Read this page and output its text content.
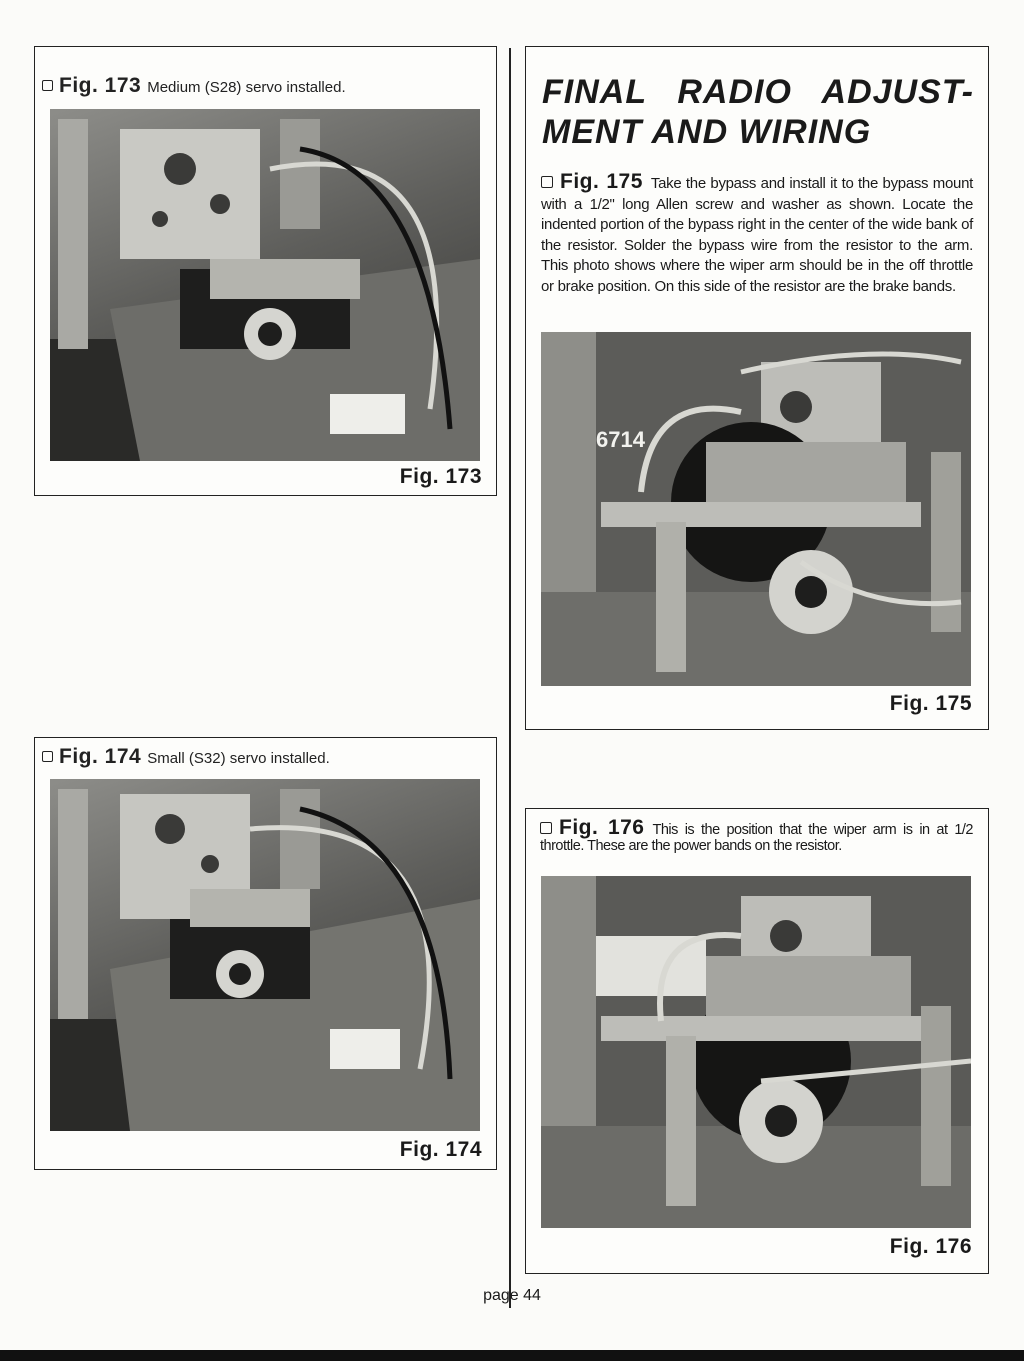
Fig. 173 Medium (S28) servo installed.
Fig. 173
Fig. 174 Small (S32) servo installed.
Fig. 174
FINAL RADIO ADJUST-MENT AND WIRING
Fig. 175 Take the bypass and install it to the bypass mount with a 1/2" long Allen screw and washer as shown. Locate the indented portion of the bypass right in the center of the wide bank of the resistor. Solder the bypass wire from the resistor to the arm. This photo shows where the wiper arm should be in the off throttle or brake position. On this side of the resistor are the brake bands.
6714
Fig. 175
Fig. 176 This is the position that the wiper arm is in at 1/2 throttle. These are the power bands on the resistor.
Fig. 176
page 44
